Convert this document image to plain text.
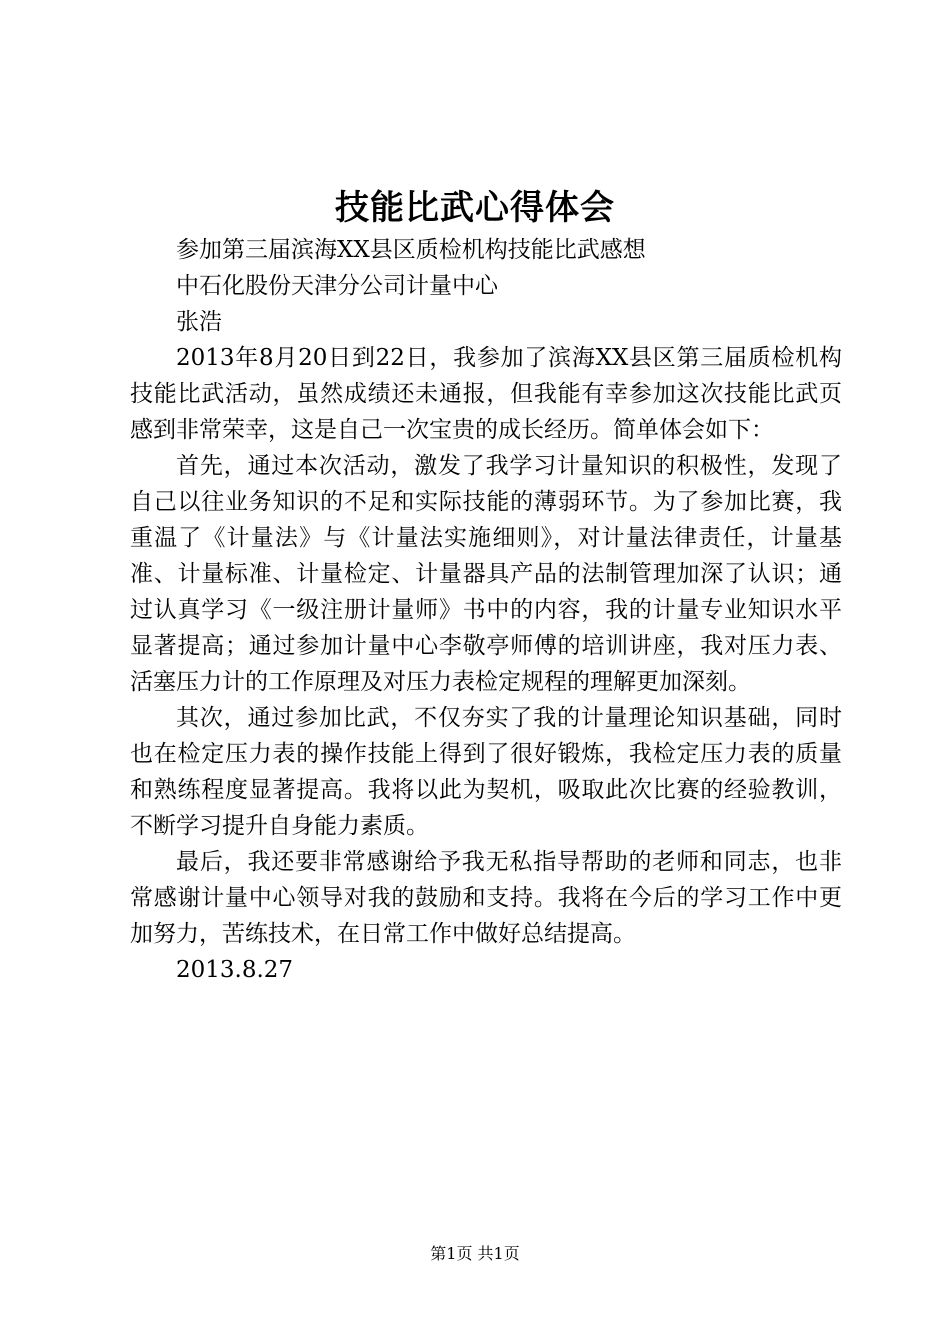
技能比武心得体会

参加第三届滨海XX县区质检机构技能比武感想

中石化股份天津分公司计量中心

张浩

2013年8月20日到22日，我参加了滨海XX县区第三届质检机构技能比武活动，虽然成绩还未通报，但我能有幸参加这次技能比武页感到非常荣幸，这是自己一次宝贵的成长经历。简单体会如下：

首先，通过本次活动，激发了我学习计量知识的积极性，发现了自己以往业务知识的不足和实际技能的薄弱环节。为了参加比赛，我重温了《计量法》与《计量法实施细则》，对计量法律责任，计量基准、计量标准、计量检定、计量器具产品的法制管理加深了认识；通过认真学习《一级注册计量师》书中的内容，我的计量专业知识水平显著提高；通过参加计量中心李敬亭师傅的培训讲座，我对压力表、活塞压力计的工作原理及对压力表检定规程的理解更加深刻。

其次，通过参加比武，不仅夯实了我的计量理论知识基础，同时也在检定压力表的操作技能上得到了很好锻炼，我检定压力表的质量和熟练程度显著提高。我将以此为契机，吸取此次比赛的经验教训，不断学习提升自身能力素质。

最后，我还要非常感谢给予我无私指导帮助的老师和同志，也非常感谢计量中心领导对我的鼓励和支持。我将在今后的学习工作中更加努力，苦练技术，在日常工作中做好总结提高。

2013.8.27

第1页 共1页
